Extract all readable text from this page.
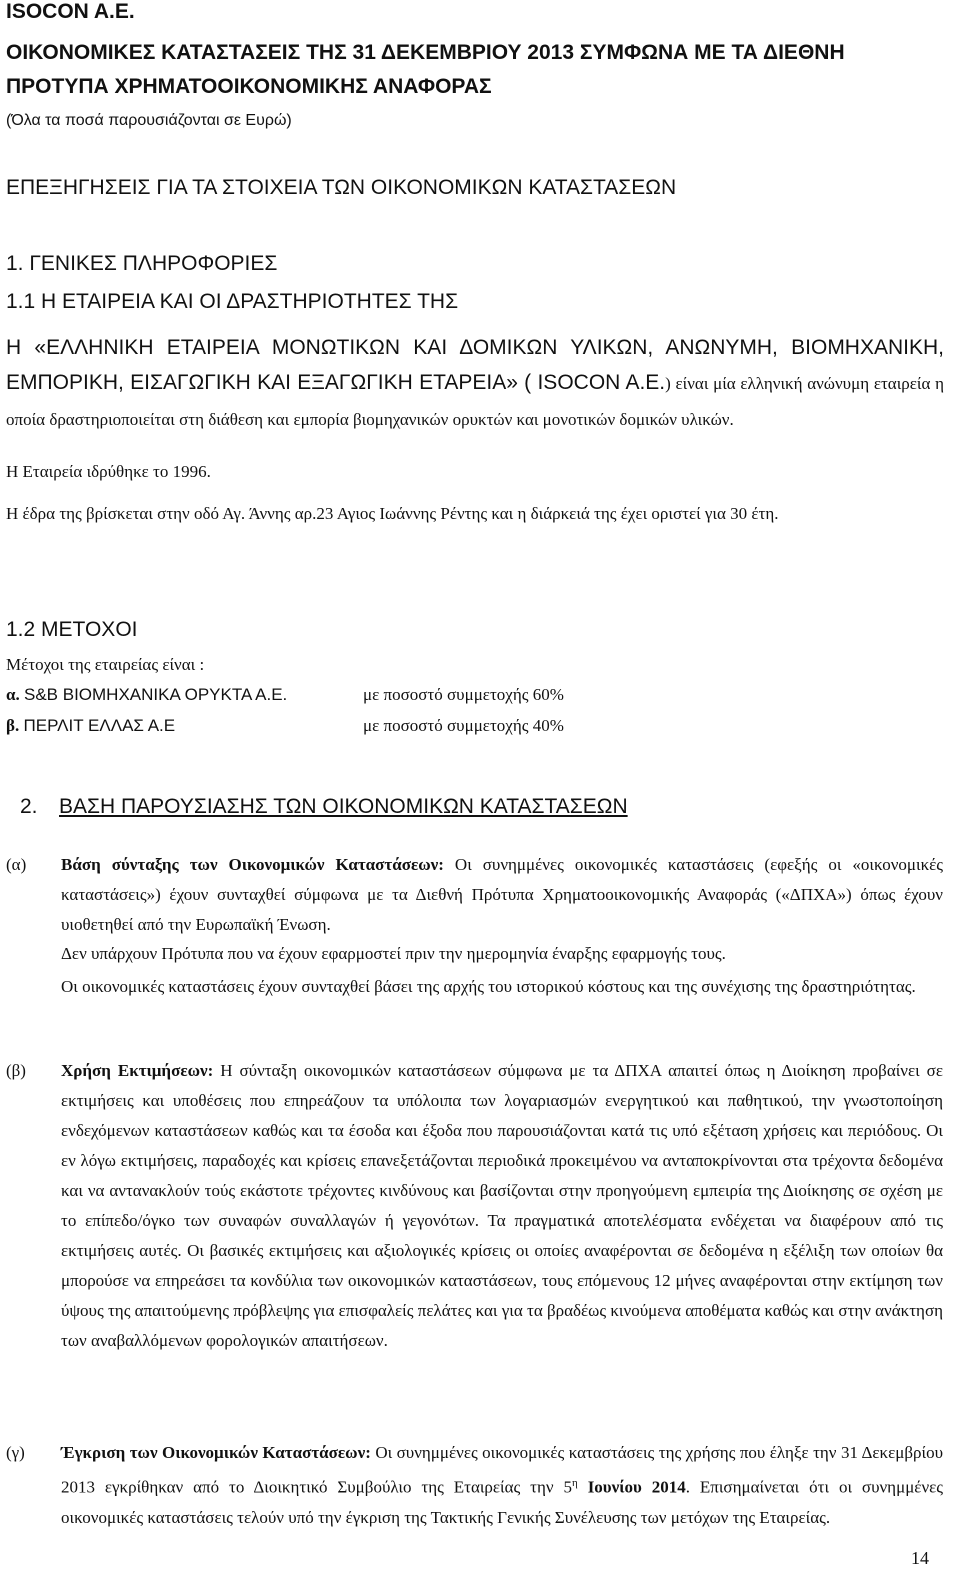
ISOCON A.E.
ΟΙΚΟΝΟΜΙΚΕΣ ΚΑΤΑΣΤΑΣΕΙΣ ΤΗΣ 31 ΔΕΚΕΜΒΡΙΟΥ 2013 ΣΥΜΦΩΝΑ ΜΕ ΤΑ ΔΙΕΘΝΗ ΠΡΟΤΥΠΑ ΧΡΗΜΑΤΟΟΙΚΟΝΟΜΙΚΗΣ ΑΝΑΦΟΡΑΣ
(Όλα τα ποσά παρουσιάζονται σε Ευρώ)
ΕΠΕΞΗΓΗΣΕΙΣ ΓΙΑ ΤΑ ΣΤΟΙΧΕΙΑ ΤΩΝ ΟΙΚΟΝΟΜΙΚΩΝ ΚΑΤΑΣΤΑΣΕΩΝ
1. ΓΕΝΙΚΕΣ ΠΛΗΡΟΦΟΡΙΕΣ
1.1 Η ΕΤΑΙΡΕΙΑ ΚΑΙ ΟΙ ΔΡΑΣΤΗΡΙΟΤΗΤΕΣ ΤΗΣ
Η «ΕΛΛΗΝΙΚΗ ΕΤΑΙΡΕΙΑ ΜΟΝΩΤΙΚΩΝ ΚΑΙ ΔΟΜΙΚΩΝ ΥΛΙΚΩΝ, ΑΝΩΝΥΜΗ, ΒΙΟΜΗΧΑΝΙΚΗ, ΕΜΠΟΡΙΚΗ, ΕΙΣΑΓΩΓΙΚΗ ΚΑΙ ΕΞΑΓΩΓΙΚΗ ΕΤΑΡΕΙΑ» ( ISOCON A.E.) είναι μία ελληνική ανώνυμη εταιρεία η οποία δραστηριοποιείται στη διάθεση και εμπορία βιομηχανικών ορυκτών και μονοτικών δομικών υλικών.
Η Εταιρεία ιδρύθηκε το 1996.
Η έδρα της βρίσκεται στην οδό Αγ. Άννης αρ.23 Αγιος Ιωάννης Ρέντης και η διάρκειά της έχει οριστεί για 30 έτη.
1.2 ΜΕΤΟΧΟΙ
Μέτοχοι της εταιρείας είναι :
α. S&B ΒΙΟΜΗΧΑΝΙΚΑ ΟΡΥΚΤΑ Α.Ε.	με ποσοστό συμμετοχής 60%
β. ΠΕΡΛΙΤ ΕΛΛΑΣ Α.Ε	με ποσοστό συμμετοχής 40%
2. ΒΑΣΗ ΠΑΡΟΥΣΙΑΣΗΣ ΤΩΝ ΟΙΚΟΝΟΜΙΚΩΝ ΚΑΤΑΣΤΑΣΕΩΝ
(α) Βάση σύνταξης των Οικονομικών Καταστάσεων: Οι συνημμένες οικονομικές καταστάσεις (εφεξής οι «οικονομικές καταστάσεις») έχουν συνταχθεί σύμφωνα με τα Διεθνή Πρότυπα Χρηματοοικονομικής Αναφοράς («ΔΠΧΑ») όπως έχουν υιοθετηθεί από την Ευρωπαϊκή Ένωση.
Δεν υπάρχουν Πρότυπα που να έχουν εφαρμοστεί πριν την ημερομηνία έναρξης εφαρμογής τους.
Οι οικονομικές καταστάσεις έχουν συνταχθεί βάσει της αρχής του ιστορικού κόστους και της συνέχισης της δραστηριότητας.
(β) Χρήση Εκτιμήσεων: Η σύνταξη οικονομικών καταστάσεων σύμφωνα με τα ΔΠΧΑ απαιτεί όπως η Διοίκηση προβαίνει σε εκτιμήσεις και υποθέσεις που επηρεάζουν τα υπόλοιπα των λογαριασμών ενεργητικού και παθητικού, την γνωστοποίηση ενδεχόμενων καταστάσεων καθώς και τα έσοδα και έξοδα που παρουσιάζονται κατά τις υπό εξέταση χρήσεις και περιόδους. Οι εν λόγω εκτιμήσεις, παραδοχές και κρίσεις επανεξετάζονται περιοδικά προκειμένου να ανταποκρίνονται στα τρέχοντα δεδομένα και να αντανακλούν τούς εκάστοτε τρέχοντες κινδύνους και βασίζονται στην προηγούμενη εμπειρία της Διοίκησης σε σχέση με το επίπεδο/όγκο των συναφών συναλλαγών ή γεγονότων. Τα πραγματικά αποτελέσματα ενδέχεται να διαφέρουν από τις εκτιμήσεις αυτές. Οι βασικές εκτιμήσεις και αξιολογικές κρίσεις οι οποίες αναφέρονται σε δεδομένα η εξέλιξη των οποίων θα μπορούσε να επηρεάσει τα κονδύλια των οικονομικών καταστάσεων, τους επόμενους 12 μήνες αναφέρονται στην εκτίμηση των ύψους της απαιτούμενης πρόβλεψης για επισφαλείς πελάτες και για τα βραδέως κινούμενα αποθέματα καθώς και στην ανάκτηση των αναβαλλόμενων φορολογικών απαιτήσεων.
(γ) Έγκριση των Οικονομικών Καταστάσεων: Οι συνημμένες οικονομικές καταστάσεις της χρήσης που έληξε την 31 Δεκεμβρίου 2013 εγκρίθηκαν από το Διοικητικό Συμβούλιο της Εταιρείας την $5^\eta$ Ιουνίου 2014. Επισημαίνεται ότι οι συνημμένες οικονομικές καταστάσεις τελούν υπό την έγκριση της Τακτικής Γενικής Συνέλευσης των μετόχων της Εταιρείας.
14
